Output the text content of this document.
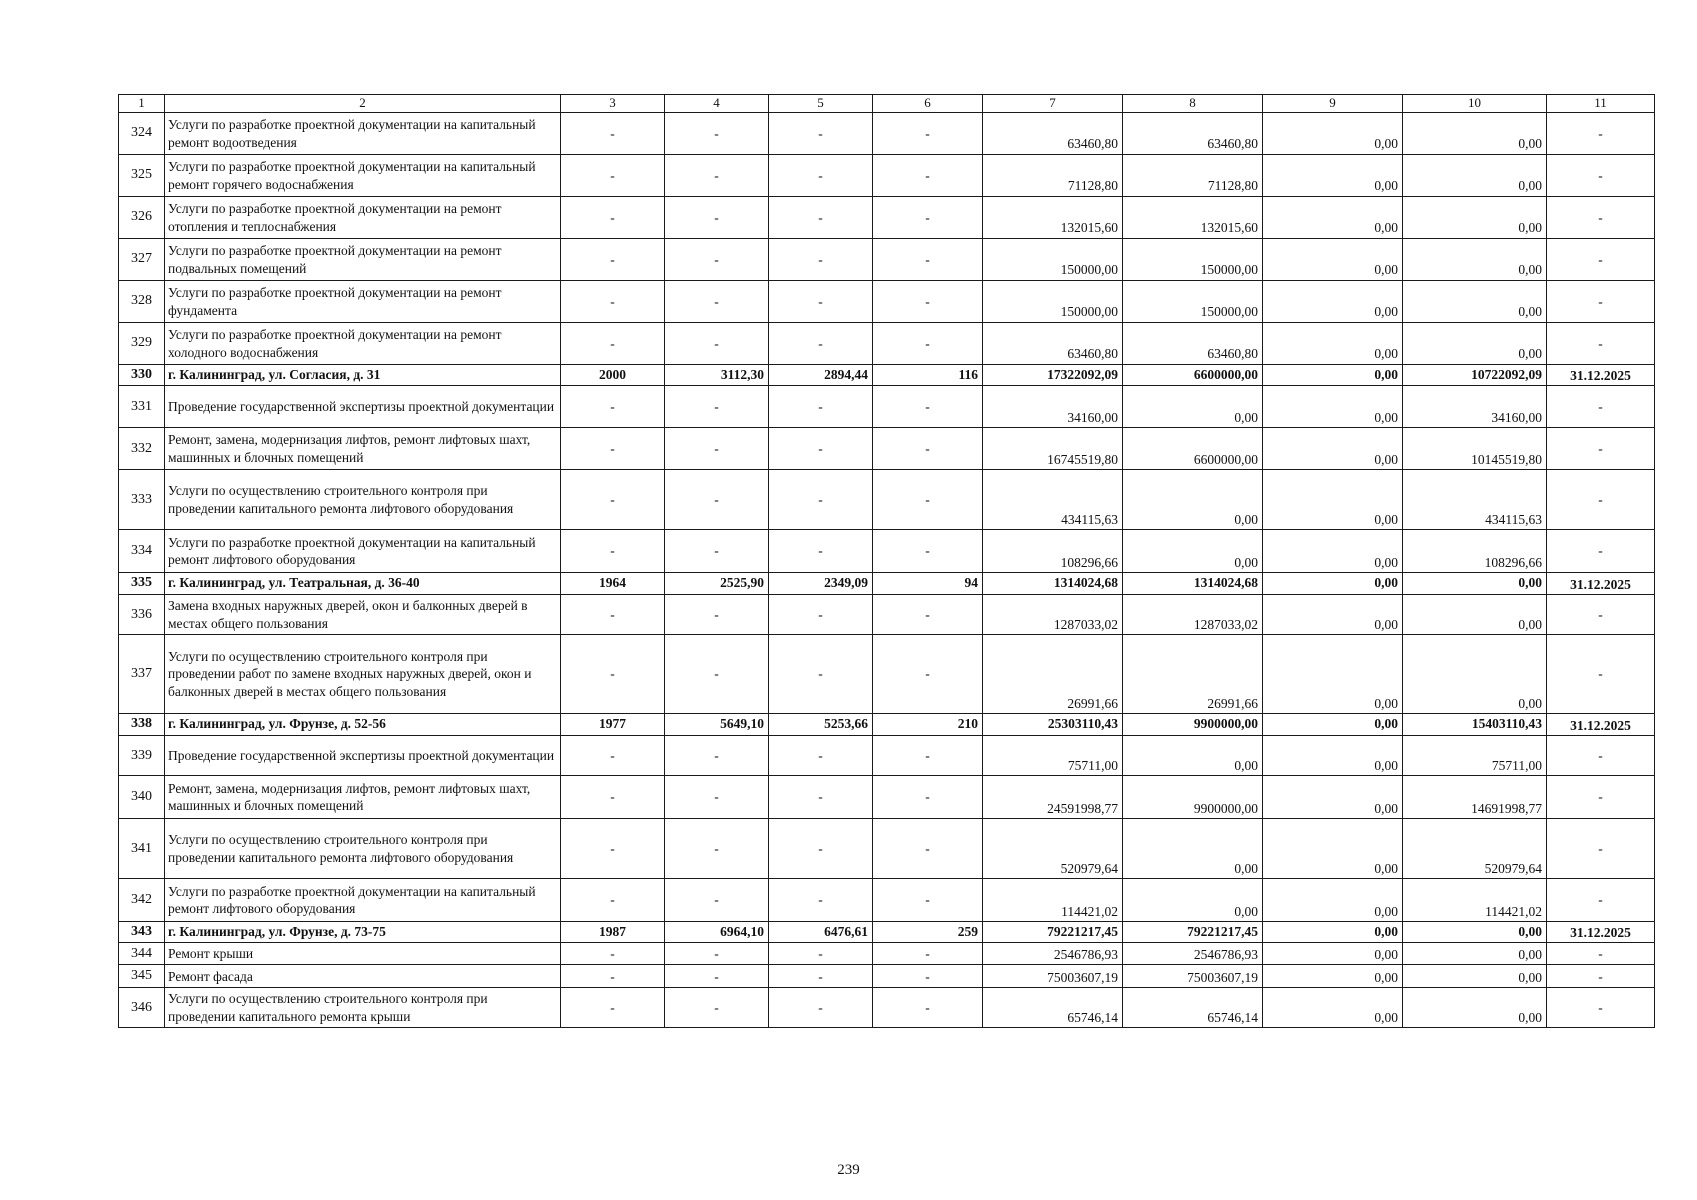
1	2	3	4	5	6	7	8	9	10	11
324	Услуги по разработке проектной документации на капитальный ремонт водоотведения	-	-	-	-	63460,80	63460,80	0,00	0,00	-
325	Услуги по разработке проектной документации на капитальный ремонт горячего водоснабжения	-	-	-	-	71128,80	71128,80	0,00	0,00	-
326	Услуги по разработке проектной документации на ремонт отопления и теплоснабжения	-	-	-	-	132015,60	132015,60	0,00	0,00	-
327	Услуги по разработке проектной документации на ремонт подвальных помещений	-	-	-	-	150000,00	150000,00	0,00	0,00	-
328	Услуги по разработке проектной документации на ремонт фундамента	-	-	-	-	150000,00	150000,00	0,00	0,00	-
329	Услуги по разработке проектной документации на ремонт холодного водоснабжения	-	-	-	-	63460,80	63460,80	0,00	0,00	-
330	г. Калининград, ул. Согласия, д. 31	2000	3112,30	2894,44	116	17322092,09	6600000,00	0,00	10722092,09	31.12.2025
331	Проведение государственной экспертизы проектной документации	-	-	-	-	34160,00	0,00	0,00	34160,00	-
332	Ремонт, замена, модернизация лифтов, ремонт лифтовых шахт, машинных и блочных помещений	-	-	-	-	16745519,80	6600000,00	0,00	10145519,80	-
333	Услуги по осуществлению строительного контроля при проведении капитального ремонта лифтового оборудования	-	-	-	-	434115,63	0,00	0,00	434115,63	-
334	Услуги по разработке проектной документации на капитальный ремонт лифтового оборудования	-	-	-	-	108296,66	0,00	0,00	108296,66	-
335	г. Калининград, ул. Театральная, д. 36-40	1964	2525,90	2349,09	94	1314024,68	1314024,68	0,00	0,00	31.12.2025
336	Замена входных наружных дверей, окон и балконных дверей в местах общего пользования	-	-	-	-	1287033,02	1287033,02	0,00	0,00	-
337	Услуги по осуществлению строительного контроля при проведении работ по замене входных наружных дверей, окон и балконных дверей в местах общего пользования	-	-	-	-	26991,66	26991,66	0,00	0,00	-
338	г. Калининград, ул. Фрунзе, д. 52-56	1977	5649,10	5253,66	210	25303110,43	9900000,00	0,00	15403110,43	31.12.2025
339	Проведение государственной экспертизы проектной документации	-	-	-	-	75711,00	0,00	0,00	75711,00	-
340	Ремонт, замена, модернизация лифтов, ремонт лифтовых шахт, машинных и блочных помещений	-	-	-	-	24591998,77	9900000,00	0,00	14691998,77	-
341	Услуги по осуществлению строительного контроля при проведении капитального ремонта лифтового оборудования	-	-	-	-	520979,64	0,00	0,00	520979,64	-
342	Услуги по разработке проектной документации на капитальный ремонт лифтового оборудования	-	-	-	-	114421,02	0,00	0,00	114421,02	-
343	г. Калининград, ул. Фрунзе, д. 73-75	1987	6964,10	6476,61	259	79221217,45	79221217,45	0,00	0,00	31.12.2025
344	Ремонт крыши	-	-	-	-	2546786,93	2546786,93	0,00	0,00	-
345	Ремонт фасада	-	-	-	-	75003607,19	75003607,19	0,00	0,00	-
346	Услуги по осуществлению строительного контроля при проведении капитального ремонта крыши	-	-	-	-	65746,14	65746,14	0,00	0,00	-
239
